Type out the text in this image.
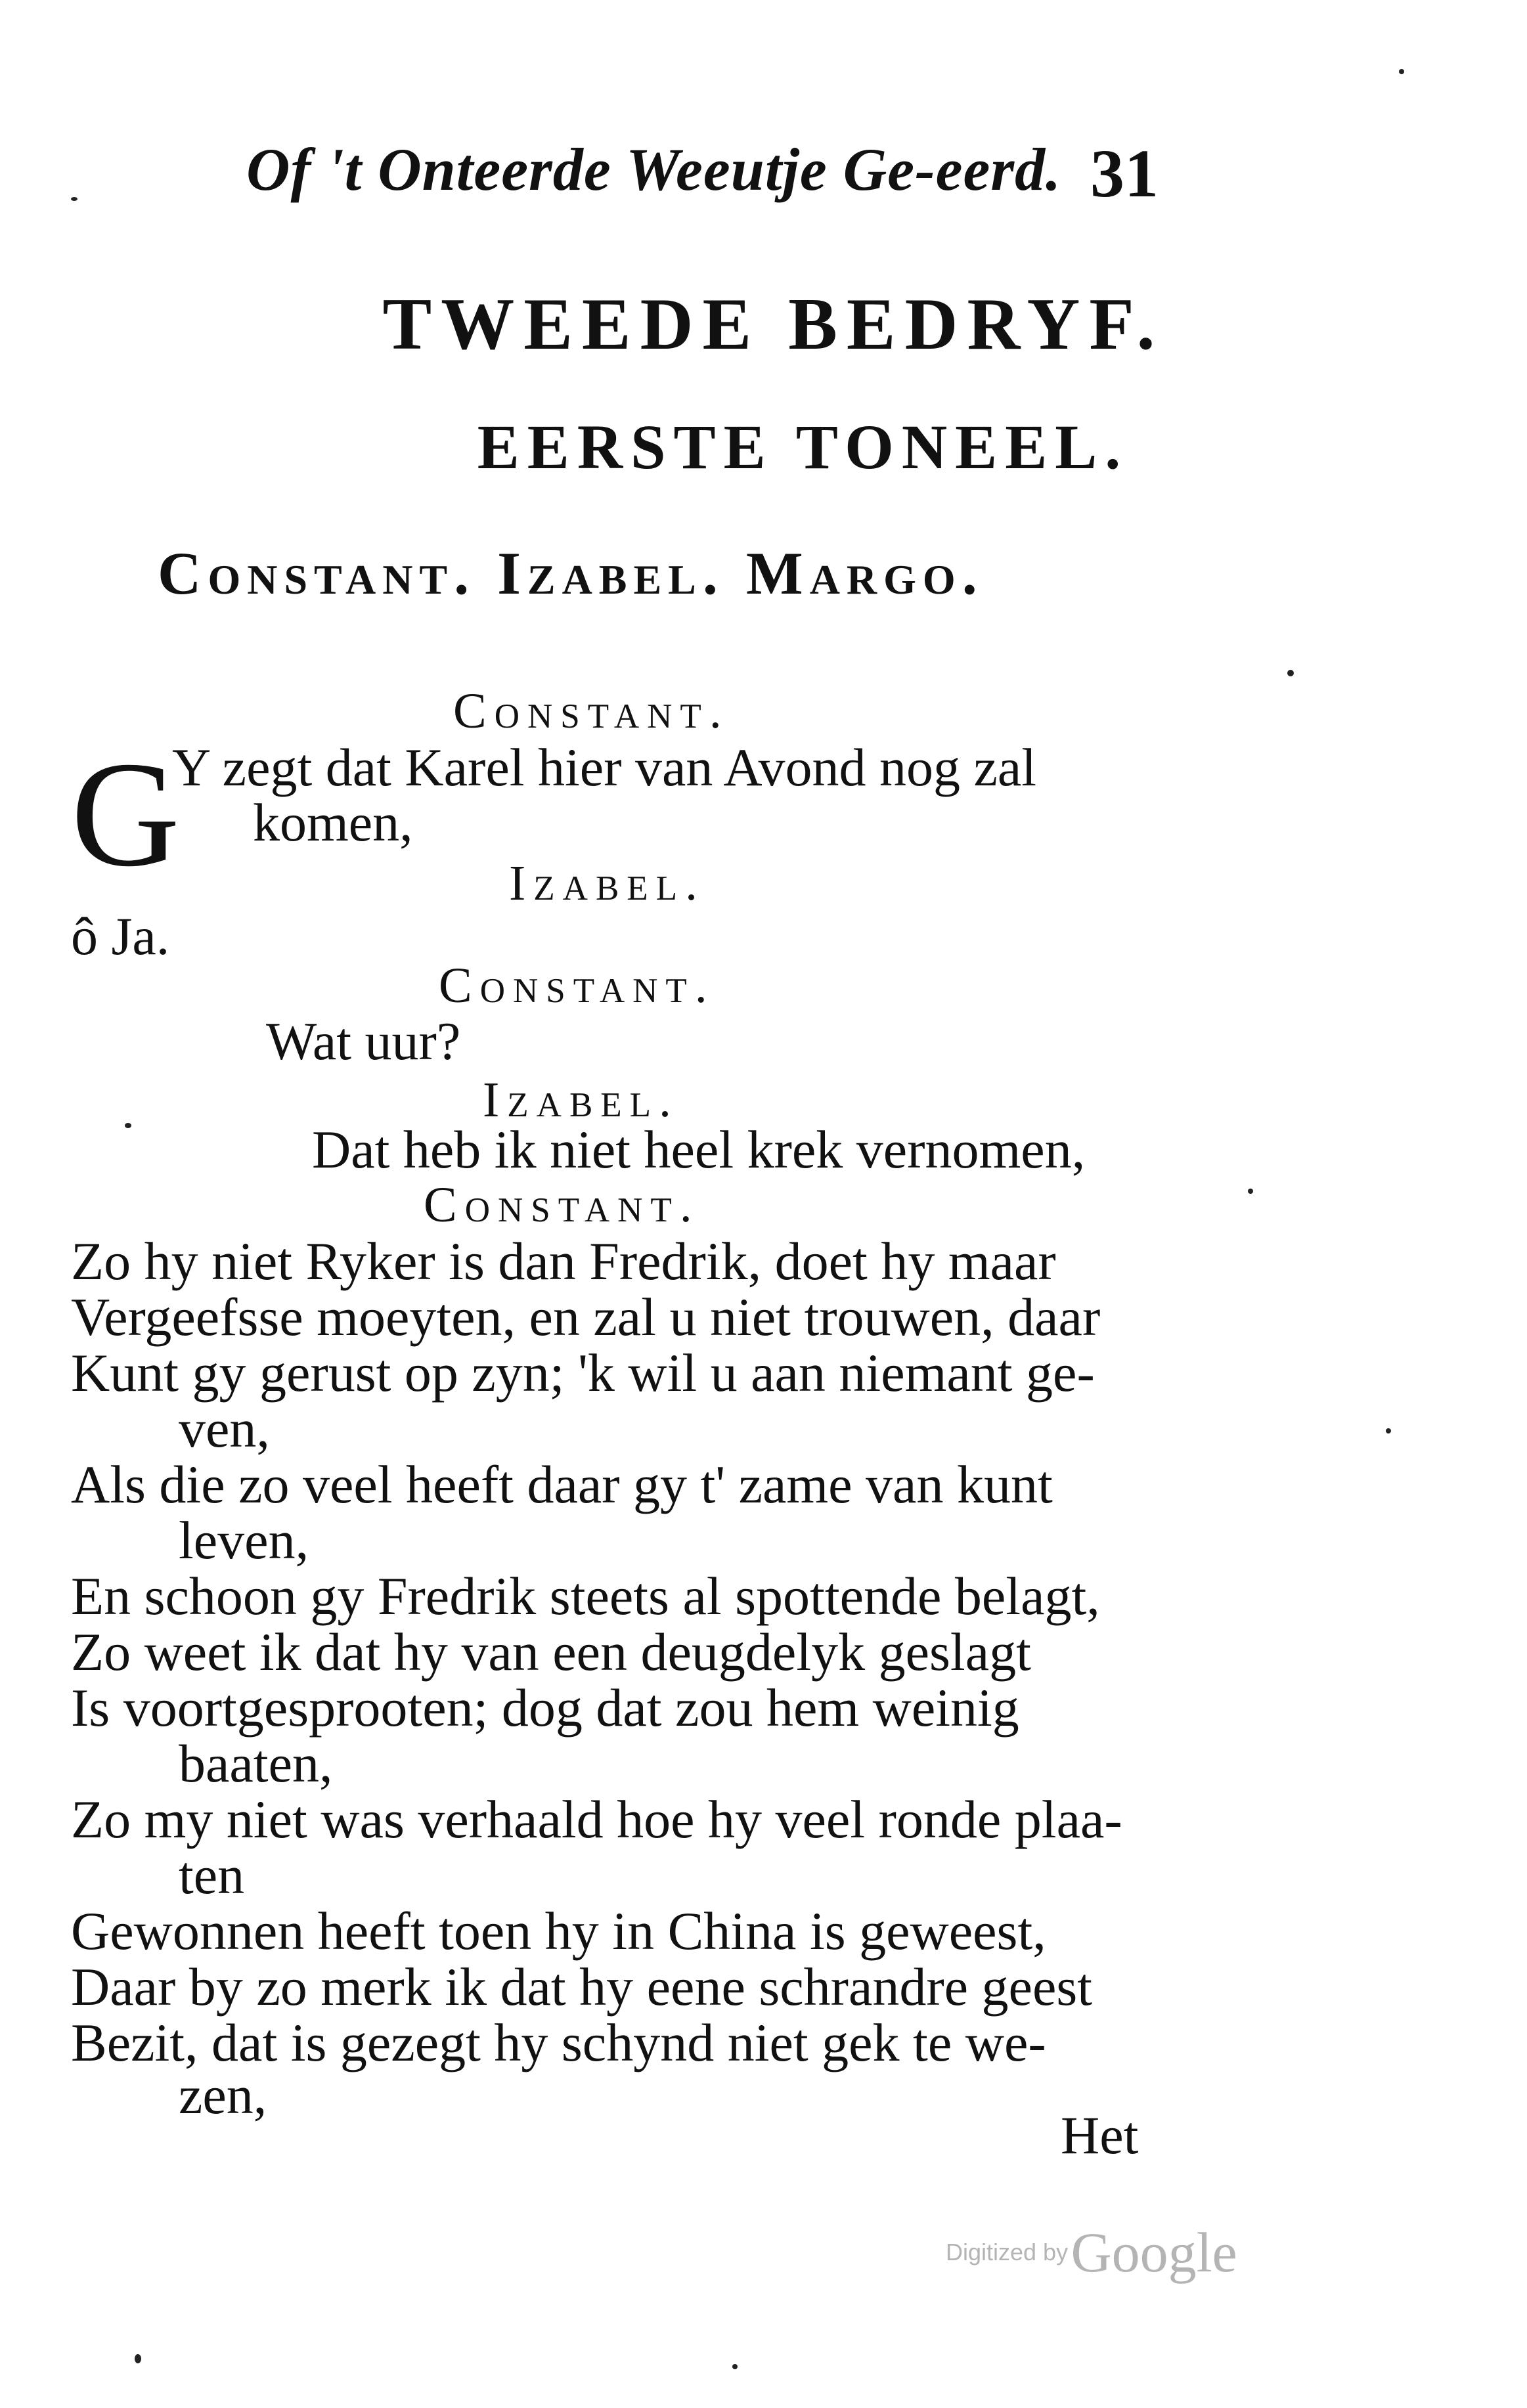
Of 't Onteerde Weeutje Ge-eerd. 31
TWEEDE BEDRYF.
EERSTE TONEEL.
Constant. Izabel. Margo.
Constant.
G
Y zegt dat Karel hier van Avond nog zal
komen,
Izabel.
ô Ja.
Constant.
Wat uur?
Izabel.
Dat heb ik niet heel krek vernomen,
Constant.
Zo hy niet Ryker is dan Fredrik, doet hy maar
Vergeefsse moeyten, en zal u niet trouwen, daar
Kunt gy gerust op zyn; 'k wil u aan niemant ge-
ven,
Als die zo veel heeft daar gy t' zame van kunt
leven,
En schoon gy Fredrik steets al spottende belagt,
Zo weet ik dat hy van een deugdelyk geslagt
Is voortgesprooten; dog dat zou hem weinig
baaten,
Zo my niet was verhaald hoe hy veel ronde plaa-
ten
Gewonnen heeft toen hy in China is geweest,
Daar by zo merk ik dat hy eene schrandre geest
Bezit, dat is gezegt hy schynd niet gek te we-
zen,
Het
Digitized by Google
